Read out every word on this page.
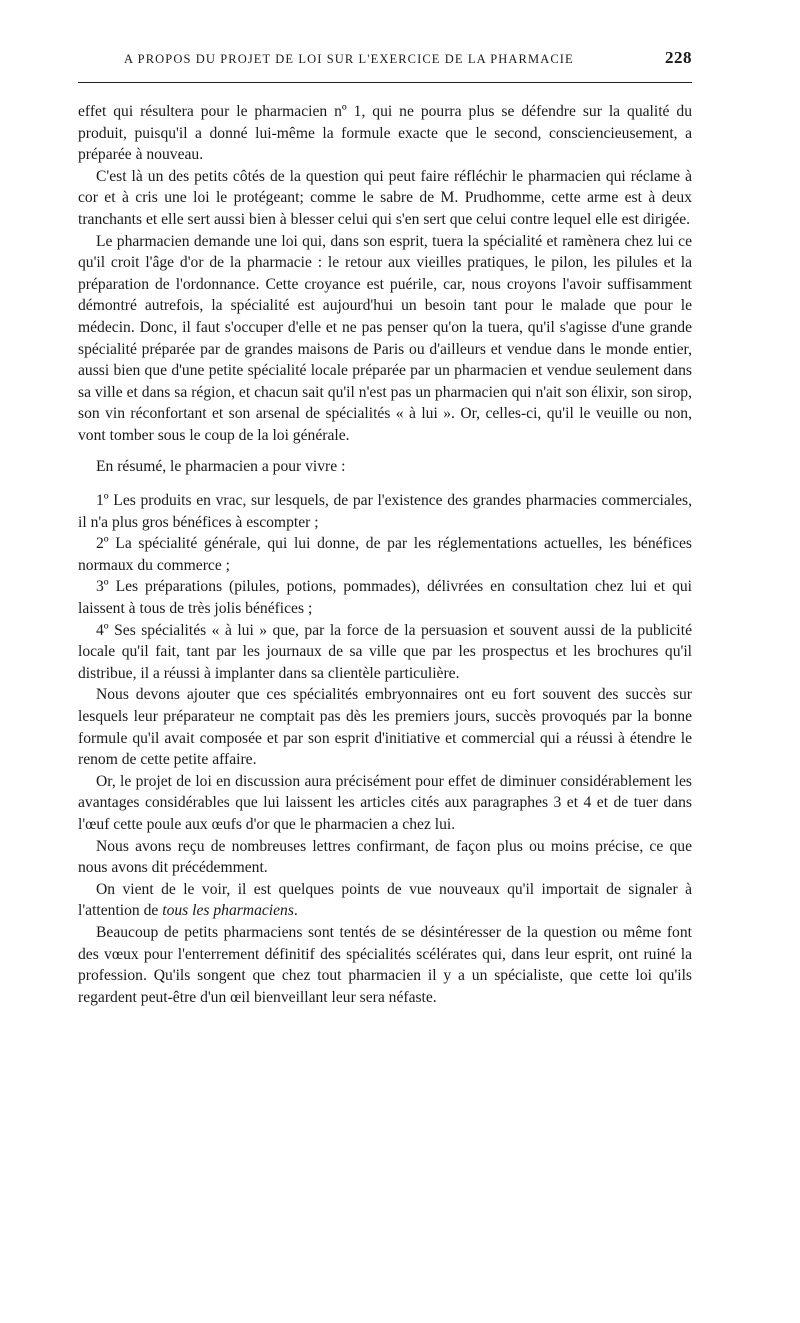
A PROPOS DU PROJET DE LOI SUR L'EXERCICE DE LA PHARMACIE	228

effet qui résultera pour le pharmacien nº 1, qui ne pourra plus se défendre sur la qualité du produit, puisqu'il a donné lui-même la formule exacte que le second, consciencieusement, a préparée à nouveau.

C'est là un des petits côtés de la question qui peut faire réfléchir le pharmacien qui réclame à cor et à cris une loi le protégeant; comme le sabre de M. Prudhomme, cette arme est à deux tranchants et elle sert aussi bien à blesser celui qui s'en sert que celui contre lequel elle est dirigée.

Le pharmacien demande une loi qui, dans son esprit, tuera la spécialité et ramènera chez lui ce qu'il croit l'âge d'or de la pharmacie : le retour aux vieilles pratiques, le pilon, les pilules et la préparation de l'ordonnance. Cette croyance est puérile, car, nous croyons l'avoir suffisamment démontré autrefois, la spécialité est aujourd'hui un besoin tant pour le malade que pour le médecin. Donc, il faut s'occuper d'elle et ne pas penser qu'on la tuera, qu'il s'agisse d'une grande spécialité préparée par de grandes maisons de Paris ou d'ailleurs et vendue dans le monde entier, aussi bien que d'une petite spécialité locale préparée par un pharmacien et vendue seulement dans sa ville et dans sa région, et chacun sait qu'il n'est pas un pharmacien qui n'ait son élixir, son sirop, son vin réconfortant et son arsenal de spécialités « à lui ». Or, celles-ci, qu'il le veuille ou non, vont tomber sous le coup de la loi générale.

En résumé, le pharmacien a pour vivre :

1º Les produits en vrac, sur lesquels, de par l'existence des grandes pharmacies commerciales, il n'a plus gros bénéfices à escompter ;

2º La spécialité générale, qui lui donne, de par les réglementations actuelles, les bénéfices normaux du commerce ;

3º Les préparations (pilules, potions, pommades), délivrées en consultation chez lui et qui laissent à tous de très jolis bénéfices ;

4º Ses spécialités « à lui » que, par la force de la persuasion et souvent aussi de la publicité locale qu'il fait, tant par les journaux de sa ville que par les prospectus et les brochures qu'il distribue, il a réussi à implanter dans sa clientèle particulière.

Nous devons ajouter que ces spécialités embryonnaires ont eu fort souvent des succès sur lesquels leur préparateur ne comptait pas dès les premiers jours, succès provoqués par la bonne formule qu'il avait composée et par son esprit d'initiative et commercial qui a réussi à étendre le renom de cette petite affaire.

Or, le projet de loi en discussion aura précisément pour effet de diminuer considérablement les avantages considérables que lui laissent les articles cités aux paragraphes 3 et 4 et de tuer dans l'œuf cette poule aux œufs d'or que le pharmacien a chez lui.

Nous avons reçu de nombreuses lettres confirmant, de façon plus ou moins précise, ce que nous avons dit précédemment.

On vient de le voir, il est quelques points de vue nouveaux qu'il importait de signaler à l'attention de tous les pharmaciens.

Beaucoup de petits pharmaciens sont tentés de se désintéresser de la question ou même font des vœux pour l'enterrement définitif des spécialités scélérates qui, dans leur esprit, ont ruiné la profession. Qu'ils songent que chez tout pharmacien il y a un spécialiste, que cette loi qu'ils regardent peut-être d'un œil bienveillant leur sera néfaste.
